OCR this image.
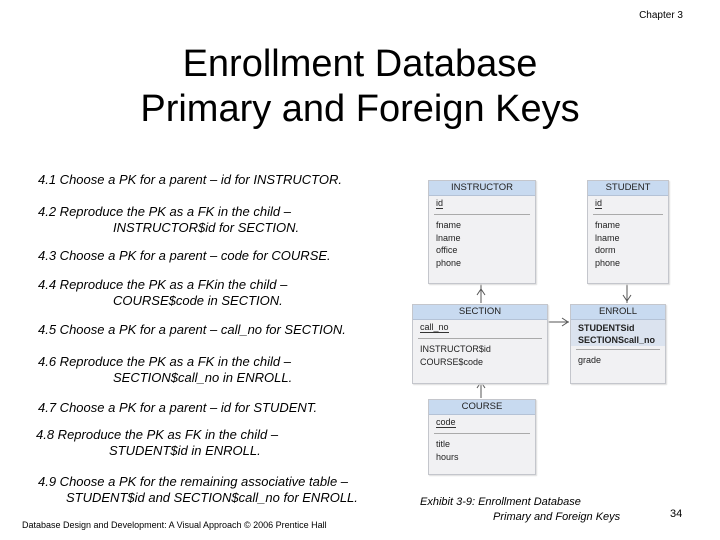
Chapter 3
Enrollment Database
Primary and Foreign Keys
4.1 Choose a PK for a parent – id for INSTRUCTOR.
4.2 Reproduce the PK as a FK in the child –
INSTRUCTOR$id for SECTION.
4.3 Choose a PK for a parent – code for COURSE.
4.4 Reproduce the PK as a FKin the child –
COURSE$code in SECTION.
4.5 Choose a PK for a parent – call_no for SECTION.
4.6 Reproduce the PK as a FK in the child –
SECTION$call_no in ENROLL.
4.7 Choose a PK for a parent – id for STUDENT.
4.8 Reproduce the PK as FK in the child –
STUDENT$id in ENROLL.
4.9 Choose a PK for the remaining associative table –
STUDENT$id and SECTION$call_no for ENROLL.
INSTRUCTOR
id
fname
lname
office
phone
STUDENT
id
fname
lname
dorm
phone
SECTION
call_no
INSTRUCTOR$id
COURSE$code
ENROLL
STUDENTSid
SECTIONScall_no
grade
COURSE
code
title
hours
Exhibit 3-9: Enrollment Database
Primary and Foreign Keys
Database Design and Development: A Visual Approach © 2006 Prentice Hall
34
